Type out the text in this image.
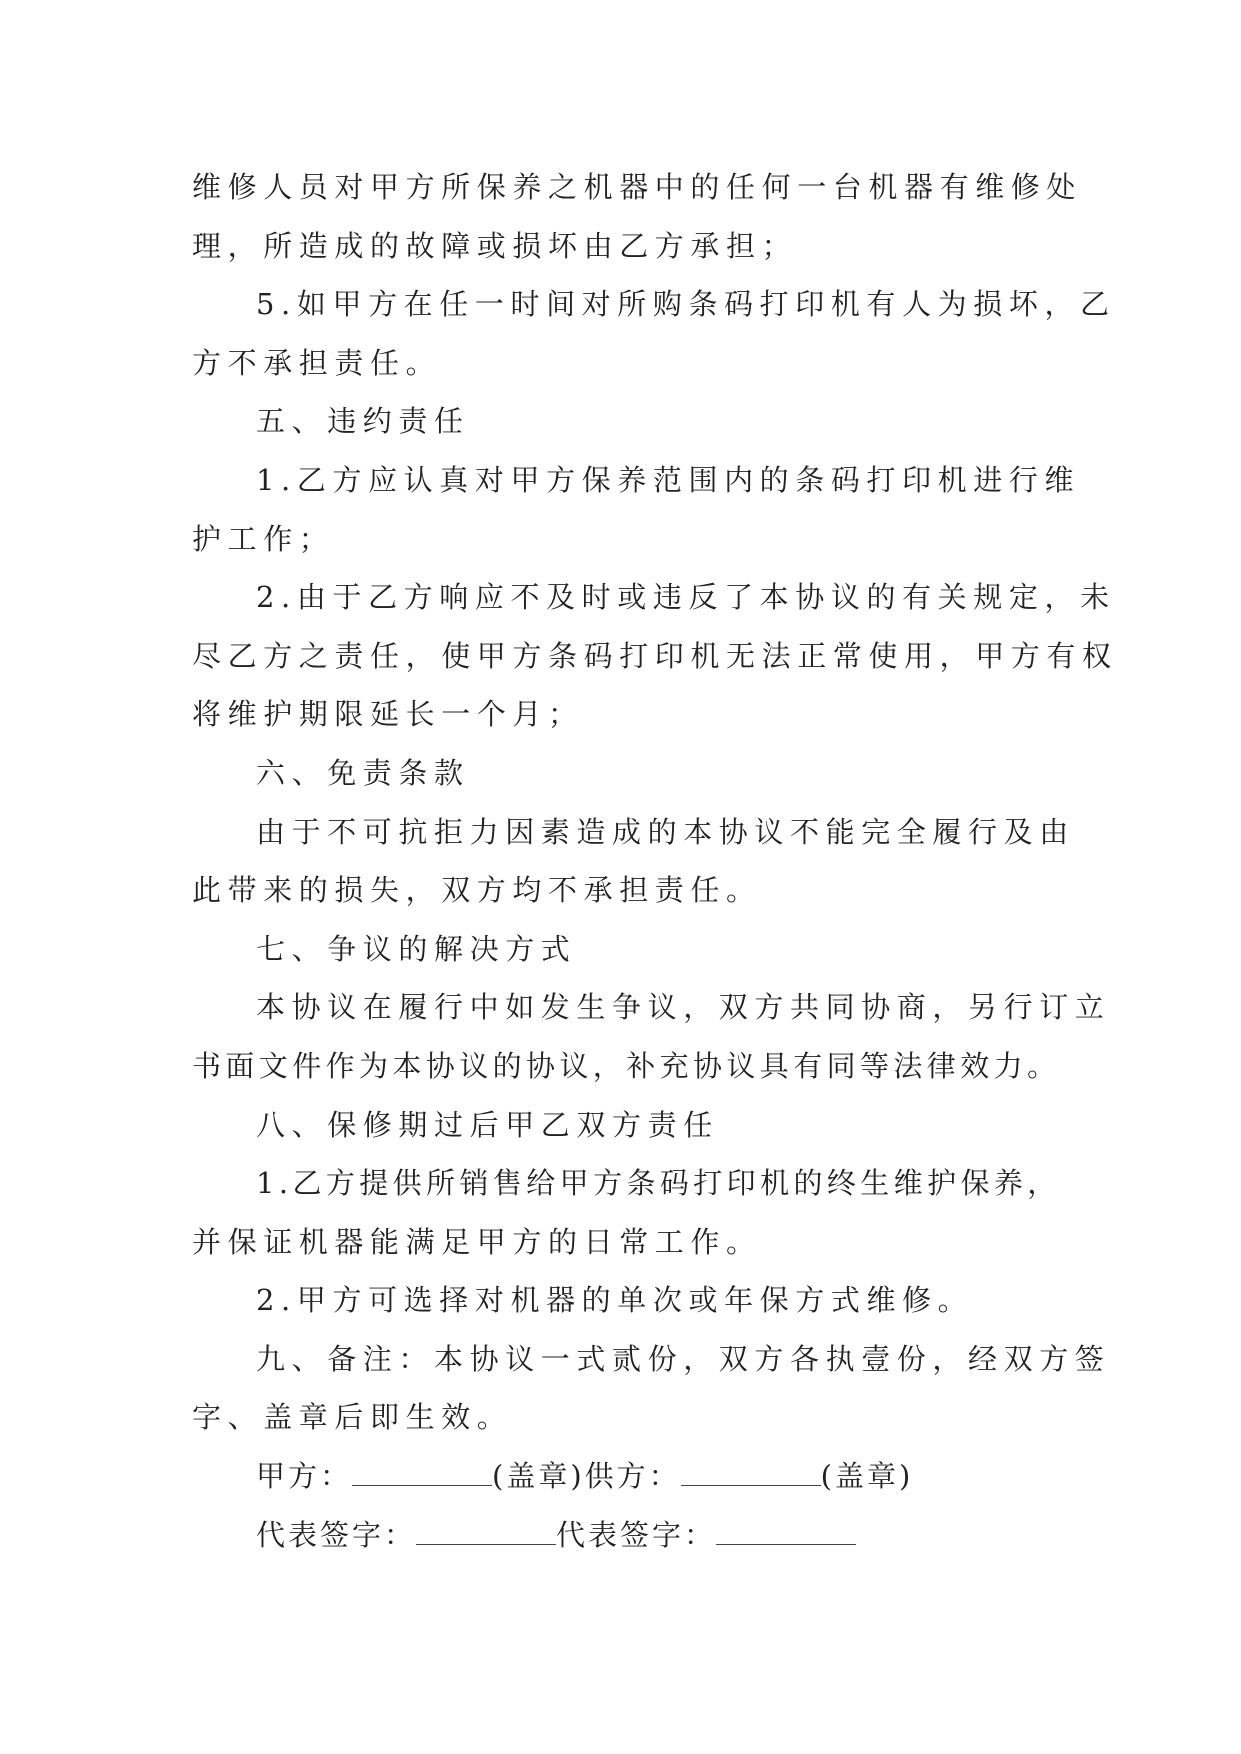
维修人员对甲方所保养之机器中的任何一台机器有维修处
理，所造成的故障或损坏由乙方承担；
5.如甲方在任一时间对所购条码打印机有人为损坏，乙
方不承担责任。
五、违约责任
1.乙方应认真对甲方保养范围内的条码打印机进行维
护工作；
2.由于乙方响应不及时或违反了本协议的有关规定，未
尽乙方之责任，使甲方条码打印机无法正常使用，甲方有权
将维护期限延长一个月；
六、免责条款
由于不可抗拒力因素造成的本协议不能完全履行及由
此带来的损失，双方均不承担责任。
七、争议的解决方式
本协议在履行中如发生争议，双方共同协商，另行订立
书面文件作为本协议的协议，补充协议具有同等法律效力。
八、保修期过后甲乙双方责任
1.乙方提供所销售给甲方条码打印机的终生维护保养，
并保证机器能满足甲方的日常工作。
2.甲方可选择对机器的单次或年保方式维修。
九、备注：本协议一式贰份，双方各执壹份，经双方签
字、盖章后即生效。
甲方：	(盖章)供方：	(盖章)
代表签字：	代表签字：
